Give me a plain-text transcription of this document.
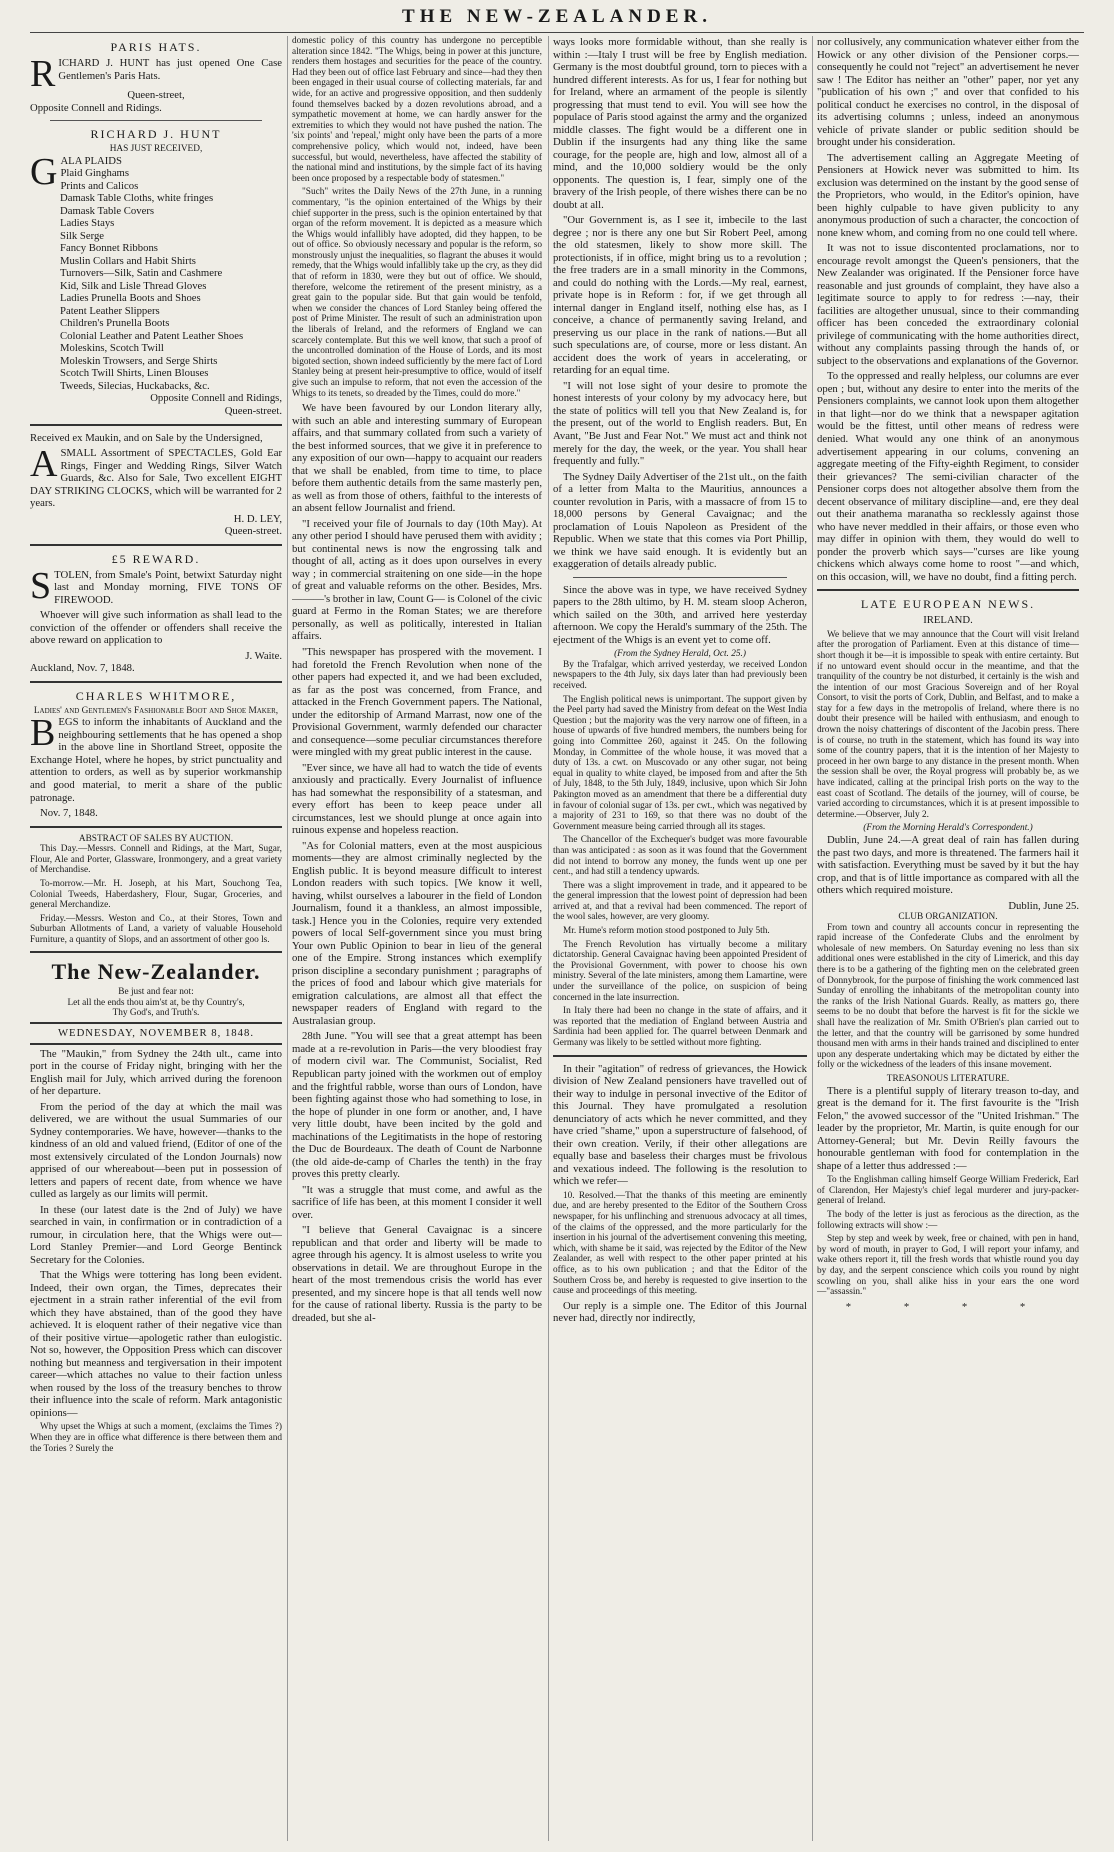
THE NEW-ZEALANDER.
PARIS HATS.

RICHARD J. HUNT has just opened One Case Gentlemen's Paris Hats.

Queen-street,
Opposite Connell and Ridings.
RICHARD J. HUNT
HAS JUST RECEIVED,
G ALA PLAIDS
Plaid Ginghams
Prints and Calicos
Damask Table Cloths, white fringes
Damask Table Covers
Ladies Stays
Silk Serge
Fancy Bonnet Ribbons
Muslin Collars and Habit Shirts
Turnovers—Silk, Satin and Cashmere
Kid, Silk and Lisle Thread Gloves
Ladies Prunella Boots and Shoes
Patent Leather Slippers
Children's Prunella Boots
Colonial Leather and Patent Leather Shoes
Moleskins, Scotch Twill
Moleskin Trowsers, and Serge Shirts
Scotch Twill Shirts, Linen Blouses
Tweeds, Silecias, Huckabacks, &c.
Opposite Connell and Ridings,
Queen-street.

Received ex Maukin, and on Sale by the Undersigned,

ASMALL Assortment of SPECTACLES, Gold Ear Rings, Finger and Wedding Rings, Silver Watch Guards, &c. Also for Sale, Two excellent EIGHT DAY STRIKING CLOCKS, which will be warranted for 2 years.

H. D. LEY,
Queen-street.
£5 REWARD.

STOLEN, from Smale's Point, betwixt Saturday night last and Monday morning, FIVE TONS OF FIREWOOD.

Whoever will give such information as shall lead to the conviction of the offender or offenders shall receive the above reward on application to

J. Waite.
Auckland, Nov. 7, 1848.
CHARLES WHITMORE,
Ladies' and Gentlemen's Fashionable Boot and Shoe Maker,

BEGS to inform the inhabitants of Auckland and the neighbouring settlements that he has opened a shop in the above line in Shortland Street, opposite the Exchange Hotel, where he hopes, by strict punctuality and attention to orders, as well as by superior workmanship and good material, to merit a share of the public patronage.

Nov. 7, 1848.
ABSTRACT OF SALES BY AUCTION.

This Day.—Messrs. Connell and Ridings, at the Mart, Sugar, Flour, Ale and Porter, Glassware, Ironmongery, and a great variety of Merchandise.

To-morrow.—Mr. H. Joseph, at his Mart, Souchong Tea, Colonial Tweeds, Haberdashery, Flour, Sugar, Groceries, and general Merchandize.

Friday.—Messrs. Weston and Co., at their Stores, Town and Suburban Allotments of Land, a variety of valuable Household Furniture, a quantity of Slops, and an assortment of other goo ls.

The New-Zealander.
Be just and fear not:
Let all the ends thou aim'st at, be thy Country's,
Thy God's, and Truth's.
WEDNESDAY, NOVEMBER 8, 1848.

The "Maukin," from Sydney the 24th ult., came into port in the course of Friday night, bringing with her the English mail for July, which arrived during the forenoon of her departure.

From the period of the day at which the mail was delivered, we are without the usual Summaries of our Sydney contemporaries. We have, however—thanks to the kindness of an old and valued friend, (Editor of one of the most extensively circulated of the London Journals) now apprised of our whereabout—been put in possession of letters and papers of recent date, from whence we have culled as largely as our limits will permit.

In these (our latest date is the 2nd of July) we have searched in vain, in confirmation or in contradiction of a rumour, in circulation here, that the Whigs were out—Lord Stanley Premier—and Lord George Bentinck Secretary for the Colonies.

That the Whigs were tottering has long been evident. Indeed, their own organ, the Times, deprecates their ejectment in a strain rather inferential of the evil from which they have abstained, than of the good they have achieved. It is eloquent rather of their negative vice than of their positive virtue—apologetic rather than eulogistic. Not so, however, the Opposition Press which can discover nothing but meanness and tergiversation in their impotent career—which attaches no value to their faction unless when roused by the loss of the treasury benches to throw their influence into the scale of reform. Mark antagonistic opinions—

Why upset the Whigs at such a moment, (exclaims the Times ?) When they are in office what difference is there between them and the Tories ? Surely the

domestic policy of this country has undergone no perceptible alteration since 1842. "The Whigs, being in power at this juncture, renders them hostages and securities for the peace of the country. Had they been out of office last February and since—had they then been engaged in their usual course of collecting materials, far and wide, for an active and progressive opposition, and then suddenly found themselves backed by a dozen revolutions abroad, and a sympathetic movement at home, we can hardly answer for the extremities to which they would not have pushed the nation. The 'six points' and 'repeal,' might only have been the parts of a more comprehensive policy, which would not, indeed, have been successful, but would, nevertheless, have affected the stability of the national mind and institutions, by the simple fact of its having been once proposed by a respectable body of statesmen."

"Such" writes the Daily News of the 27th June, in a running commentary, "is the opinion entertained of the Whigs by their chief supporter in the press, such is the opinion entertained by that organ of the reform movement. It is depicted as a measure which the Whigs would infallibly have adopted, did they happen, to be out of office. So obviously necessary and popular is the reform, so monstrously unjust the inequalities, so flagrant the abuses it would remedy, that the Whigs would infallibly take up the cry, as they did that of reform in 1830, were they but out of office. We should, therefore, welcome the retirement of the present ministry, as a great gain to the popular side. But that gain would be tenfold, when we consider the chances of Lord Stanley being offered the post of Prime Minister. The result of such an administration upon the liberals of Ireland, and the reformers of England we can scarcely contemplate. But this we well know, that such a proof of the uncontrolled domination of the House of Lords, and its most bigoted section, shown indeed sufficiently by the mere fact of Lord Stanley being at present heir-presumptive to office, would of itself give such an impulse to reform, that not even the accession of the Whigs to its tenets, so dreaded by the Times, could do more."

We have been favoured by our London literary ally, with such an able and interesting summary of European affairs, and that summary collated from such a variety of the best informed sources, that we give it in preference to any exposition of our own—happy to acquaint our readers that we shall be enabled, from time to time, to place before them authentic details from the same masterly pen, as well as from those of others, faithful to the interests of an absent fellow Journalist and friend.

"I received your file of Journals to day (10th May). At any other period I should have perused them with avidity ; but continental news is now the engrossing talk and thought of all, acting as it does upon ourselves in every way ; in commercial straitening on one side—in the hope of great and valuable reforms on the other. Besides, Mrs. ———'s brother in law, Count G— is Colonel of the civic guard at Fermo in the Roman States; we are therefore personally, as well as politically, interested in Italian affairs.

"This newspaper has prospered with the movement. I had foretold the French Revolution when none of the other papers had expected it, and we had been excluded, as far as the post was concerned, from France, and attacked in the French Government papers. The National, under the editorship of Armand Marrast, now one of the Provisional Government, warmly defended our character and consequence—some peculiar circumstances therefore were mingled with my great public interest in the cause.

"Ever since, we have all had to watch the tide of events anxiously and practically. Every Journalist of influence has had somewhat the responsibility of a statesman, and every effort has been to keep peace under all circumstances, lest we should plunge at once again into ruinous expense and hopeless reaction.

"As for Colonial matters, even at the most auspicious moments—they are almost criminally neglected by the English public. It is beyond measure difficult to interest London readers with such topics. [We know it well, having, whilst ourselves a labourer in the field of London Journalism, found it a thankless, an almost impossible, task.] Hence you in the Colonies, require very extended powers of local Self-government since you must bring Your own Public Opinion to bear in lieu of the general one of the Empire. Strong instances which exemplify prison discipline a secondary punishment ; paragraphs of the prices of food and labour which give materials for emigration calculations, are almost all that effect the newspaper readers of England with regard to the Australasian group.

28th June. "You will see that a great attempt has been made at a re-revolution in Paris—the very bloodiest fray of modern civil war. The Communist, Socialist, Red Republican party joined with the workmen out of employ and the frightful rabble, worse than ours of London, have been fighting against those who had something to lose, in the hope of plunder in one form or another, and, I have very little doubt, have been incited by the gold and machinations of the Legitimatists in the hope of restoring the Duc de Bourdeaux. The death of Count de Narbonne (the old aide-de-camp of Charles the tenth) in the fray proves this pretty clearly.

"It was a struggle that must come, and awful as the sacrifice of life has been, at this moment I consider it well over.

"I believe that General Cavaignac is a sincere republican and that order and liberty will be made to agree through his agency. It is almost useless to write you observations in detail. We are throughout Europe in the heart of the most tremendous crisis the world has ever presented, and my sincere hope is that all tends well now for the cause of rational liberty. Russia is the party to be dreaded, but she al-

ways looks more formidable without, than she really is within :—Italy I trust will be free by English mediation. Germany is the most doubtful ground, torn to pieces with a hundred different interests. As for us, I fear for nothing but for Ireland, where an armament of the people is silently progressing that must tend to evil. You will see how the populace of Paris stood against the army and the organized middle classes. The fight would be a different one in Dublin if the insurgents had any thing like the same courage, for the people are, high and low, almost all of a mind, and the 10,000 soldiery would be the only opponents. The question is, I fear, simply one of the bravery of the Irish people, of there wishes there can be no doubt at all.

"Our Government is, as I see it, imbecile to the last degree ; nor is there any one but Sir Robert Peel, among the old statesmen, likely to show more skill. The protectionists, if in office, might bring us to a revolution ; the free traders are in a small minority in the Commons, and could do nothing with the Lords.—My real, earnest, private hope is in Reform : for, if we get through all internal danger in England itself, nothing else has, as I conceive, a chance of permanently saving Ireland, and preserving us our place in the rank of nations.—But all such speculations are, of course, more or less distant. An accident does the work of years in accelerating, or retarding for an equal time.

"I will not lose sight of your desire to promote the honest interests of your colony by my advocacy here, but the state of politics will tell you that New Zealand is, for the present, out of the world to English readers. But, En Avant, "Be Just and Fear Not." We must act and think not merely for the day, the week, or the year. You shall hear frequently and fully."

The Sydney Daily Advertiser of the 21st ult., on the faith of a letter from Malta to the Mauritius, announces a counter revolution in Paris, with a massacre of from 15 to 18,000 persons by General Cavaignac; and the proclamation of Louis Napoleon as President of the Republic. When we state that this comes via Port Phillip, we think we have said enough. It is evidently but an exaggeration of details already public.

Since the above was in type, we have received Sydney papers to the 28th ultimo, by H. M. steam sloop Acheron, which sailed on the 30th, and arrived here yesterday afternoon. We copy the Herald's summary of the 25th. The ejectment of the Whigs is an event yet to come off.

(From the Sydney Herald, Oct. 25.)

By the Trafalgar, which arrived yesterday, we received London newspapers to the 4th July, six days later than had previously been received.

The English political news is unimportant. The support given by the Peel party had saved the Ministry from defeat on the West India Question ; but the majority was the very narrow one of fifteen, in a house of upwards of five hundred members, the numbers being for going into Committee 260, against it 245. On the following Monday, in Committee of the whole house, it was moved that a duty of 13s. a cwt. on Muscovado or any other sugar, not being equal in quality to white clayed, be imposed from and after the 5th of July, 1848, to the 5th July, 1849, inclusive, upon which Sir John Pakington moved as an amendment that there be a differential duty in favour of colonial sugar of 13s. per cwt., which was negatived by a majority of 231 to 169, so that there was no doubt of the Government measure being carried through all its stages.

The Chancellor of the Exchequer's budget was more favourable than was anticipated : as soon as it was found that the Government did not intend to borrow any money, the funds went up one per cent., and had still a tendency upwards.

There was a slight improvement in trade, and it appeared to be the general impression that the lowest point of depression had been arrived at, and that a revival had been commenced. The report of the wool sales, however, are very gloomy.

Mr. Hume's reform motion stood postponed to July 5th.

The French Revolution has virtually become a military dictatorship. General Cavaignac having been appointed President of the Provisional Government, with power to choose his own ministry. Several of the late ministers, among them Lamartine, were under the surveillance of the police, on suspicion of being concerned in the late insurrection.

In Italy there had been no change in the state of affairs, and it was reported that the mediation of England between Austria and Sardinia had been applied for. The quarrel between Denmark and Germany was likely to be settled without more fighting.

In their "agitation" of redress of grievances, the Howick division of New Zealand pensioners have travelled out of their way to indulge in personal invective of the Editor of this Journal. They have promulgated a resolution denunciatory of acts which he never committed, and they have cried "shame," upon a superstructure of falsehood, of their own creation. Verily, if their other allegations are equally base and baseless their charges must be frivolous and vexatious indeed. The following is the resolution to which we refer—

10. Resolved.—That the thanks of this meeting are eminently due, and are hereby presented to the Editor of the Southern Cross newspaper, for his unflinching and strenuous advocacy at all times, of the claims of the oppressed, and the more particularly for the insertion in his journal of the advertisement convening this meeting, which, with shame be it said, was rejected by the Editor of the New Zealander, as well with respect to the other paper printed at his office, as to his own publication ; and that the Editor of the Southern Cross be, and hereby is requested to give insertion to the cause and proceedings of this meeting.

Our reply is a simple one. The Editor of this Journal never had, directly nor indirectly,

nor collusively, any communication whatever either from the Howick or any other division of the Pensioner corps.—consequently he could not "reject" an advertisement he never saw ! The Editor has neither an "other" paper, nor yet any "publication of his own ;" and over that confided to his political conduct he exercises no control, in the disposal of its advertising columns ; unless, indeed an anonymous vehicle of private slander or public sedition should be brought under his consideration.

The advertisement calling an Aggregate Meeting of Pensioners at Howick never was submitted to him. Its exclusion was determined on the instant by the good sense of the Proprietors, who would, in the Editor's opinion, have been highly culpable to have given publicity to any anonymous production of such a character, the concoction of none knew whom, and coming from no one could tell where.

It was not to issue discontented proclamations, nor to encourage revolt amongst the Queen's pensioners, that the New Zealander was originated. If the Pensioner force have reasonable and just grounds of complaint, they have also a legitimate source to apply to for redress :—nay, their facilities are altogether unusual, since to their commanding officer has been conceded the extraordinary colonial privilege of communicating with the home authorities direct, without any complaints passing through the hands of, or subject to the observations and explanations of the Governor.

To the oppressed and really helpless, our columns are ever open ; but, without any desire to enter into the merits of the Pensioners complaints, we cannot look upon them altogether in that light—nor do we think that a newspaper agitation would be the fittest, until other means of redress were denied. What would any one think of an anonymous advertisement appearing in our colums, convening an aggregate meeting of the Fifty-eighth Regiment, to consider their grievances? The semi-civilian character of the Pensioner corps does not altogether absolve them from the decent observance of military discipline—and, ere they deal out their anathema maranatha so recklessly against those who have never meddled in their affairs, or those even who may differ in opinion with them, they would do well to ponder the proverb which says—"curses are like young chickens which always come home to roost "—and which, on this occasion, will, we have no doubt, find a fitting perch.

LATE EUROPEAN NEWS.
IRELAND.

We believe that we may announce that the Court will visit Ireland after the prorogation of Parliament. Even at this distance of time—short though it be—it is impossible to speak with entire certainty. But if no untoward event should occur in the meantime, and that the tranquility of the country be not disturbed, it certainly is the wish and the intention of our most Gracious Sovereign and of her Royal Consort, to visit the ports of Cork, Dublin, and Belfast, and to make a stay for a few days in the metropolis of Ireland, where there is no doubt their presence will be hailed with enthusiasm, and enough to drown the noisy chatterings of discontent of the Jacobin press. There is of course, no truth in the statement, which has found its way into some of the country papers, that it is the intention of her Majesty to proceed in her own barge to any distance in the present month. When the session shall be over, the Royal progress will probably be, as we have indicated, calling at the principal Irish ports on the way to the east coast of Scotland. The details of the journey, will of course, be varied according to circumstances, which it is at present impossible to determine.—Observer, July 2.

(From the Morning Herald's Correspondent.)

Dublin, June 24.—A great deal of rain has fallen during the past two days, and more is threatened. The farmers hail it with satisfaction. Everything must be saved by it but the hay crop, and that is of little importance as compared with all the others which required moisture.

Dublin, June 25.
CLUB ORGANIZATION.

From town and country all accounts concur in representing the rapid increase of the Confederate Clubs and the enrolment by wholesale of new members. On Saturday evening no less than six additional ones were established in the city of Limerick, and this day there is to be a gathering of the fighting men on the celebrated green of Donnybrook, for the purpose of finishing the work commenced last Sunday of enrolling the inhabitants of the metropolitan county into the ranks of the Irish National Guards. Really, as matters go, there seems to be no doubt that before the harvest is fit for the sickle we shall have the realization of Mr. Smith O'Brien's plan carried out to the letter, and that the country will be garrisoned by some hundred thousand men with arms in their hands trained and disciplined to enter upon any desperate undertaking which may be dictated by either the folly or the wickedness of the leaders of this insane movement.

TREASONOUS LITERATURE.

There is a plentiful supply of literary treason to-day, and great is the demand for it. The first favourite is the "Irish Felon," the avowed successor of the "United Irishman." The leader by the proprietor, Mr. Martin, is quite enough for our Attorney-General; but Mr. Devin Reilly favours the honourable gentleman with food for contemplation in the shape of a letter thus addressed :—

To the Englishman calling himself George William Frederick, Earl of Clarendon, Her Majesty's chief legal murderer and jury-packer-general of Ireland.

The body of the letter is just as ferocious as the direction, as the following extracts will show :—

Step by step and week by week, free or chained, with pen in hand, by word of mouth, in prayer to God, I will report your infamy, and wake others report it, till the fresh words that whistle round you day by day, and the serpent conscience which coils you round by night scowling on you, shall alike hiss in your ears the one word—"assassin."

* * * *
